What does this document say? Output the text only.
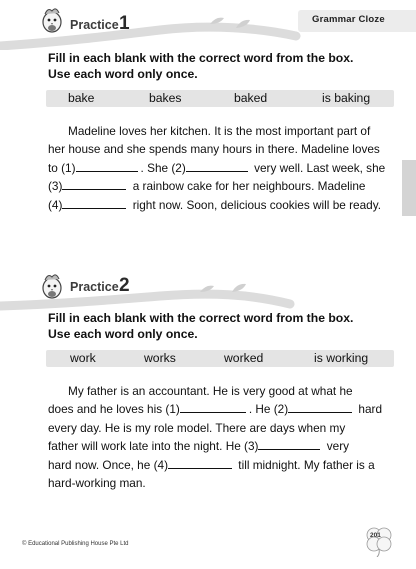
Grammar Cloze
Practice 1
Fill in each blank with the correct word from the box.
Use each word only once.
bake	bakes	baked	is baking
Madeline loves her kitchen. It is the most important part of
her house and she spends many hours in there. Madeline loves
to (1)	. She (2)	very well. Last week, she
(3)	a rainbow cake for her neighbours. Madeline
(4)	right now. Soon, delicious cookies will be ready.
Practice 2
Fill in each blank with the correct word from the box.
Use each word only once.
work	works	worked	is working
My father is an accountant. He is very good at what he
does and he loves his (1)	. He (2)	hard
every day. He is my role model. There are days when my
father will work late into the night. He (3)	very
hard now. Once, he (4)	till midnight. My father is a
hard-working man.
© Educational Publishing House Pte Ltd
201
